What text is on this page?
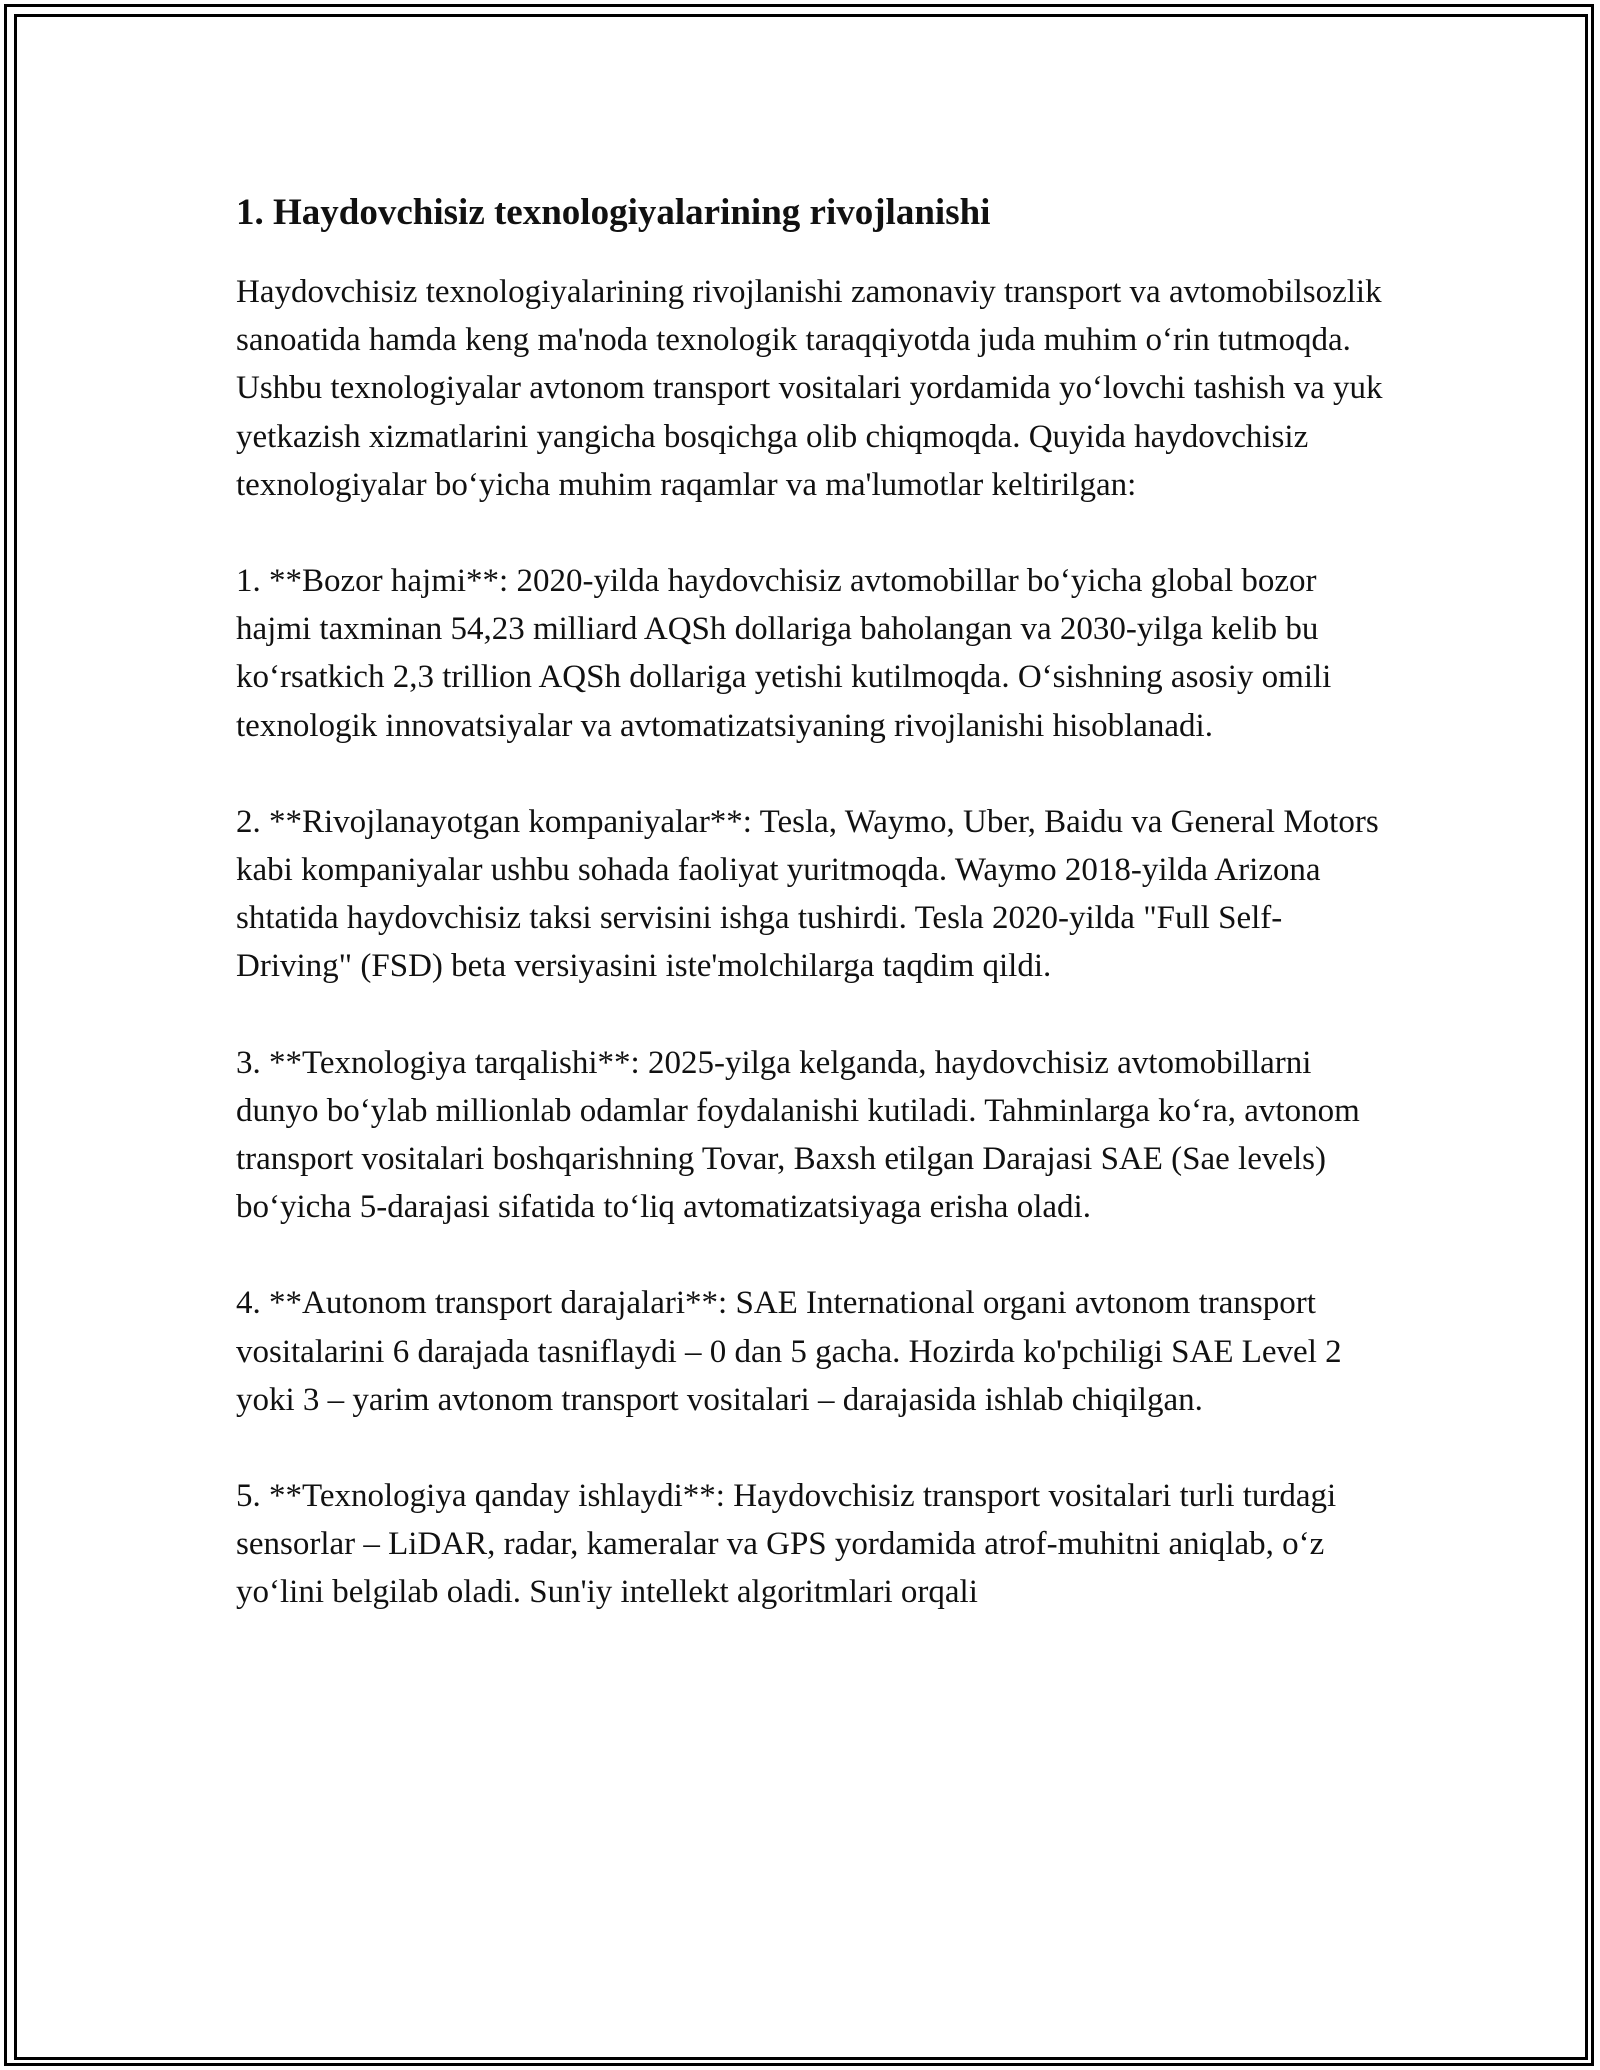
1. Haydovchisiz texnologiyalarining rivojlanishi

Haydovchisiz texnologiyalarining rivojlanishi zamonaviy transport va avtomobilsozlik sanoatida hamda keng ma'noda texnologik taraqqiyotda juda muhim o‘rin tutmoqda. Ushbu texnologiyalar avtonom transport vositalari yordamida yo‘lovchi tashish va yuk yetkazish xizmatlarini yangicha bosqichga olib chiqmoqda. Quyida haydovchisiz texnologiyalar bo‘yicha muhim raqamlar va ma'lumotlar keltirilgan:

1. **Bozor hajmi**: 2020-yilda haydovchisiz avtomobillar bo‘yicha global bozor hajmi taxminan 54,23 milliard AQSh dollariga baholangan va 2030-yilga kelib bu ko‘rsatkich 2,3 trillion AQSh dollariga yetishi kutilmoqda. O‘sishning asosiy omili texnologik innovatsiyalar va avtomatizatsiyaning rivojlanishi hisoblanadi.

2. **Rivojlanayotgan kompaniyalar**: Tesla, Waymo, Uber, Baidu va General Motors kabi kompaniyalar ushbu sohada faoliyat yuritmoqda. Waymo 2018-yilda Arizona shtatida haydovchisiz taksi servisini ishga tushirdi. Tesla 2020-yilda "Full Self-Driving" (FSD) beta versiyasini iste'molchilarga taqdim qildi.

3. **Texnologiya tarqalishi**: 2025-yilga kelganda, haydovchisiz avtomobillarni dunyo bo‘ylab millionlab odamlar foydalanishi kutiladi. Tahminlarga ko‘ra, avtonom transport vositalari boshqarishning Tovar, Baxsh etilgan Darajasi SAE (Sae levels) bo‘yicha 5-darajasi sifatida to‘liq avtomatizatsiyaga erisha oladi.

4. **Autonom transport darajalari**: SAE International organi avtonom transport vositalarini 6 darajada tasniflaydi – 0 dan 5 gacha. Hozirda ko'pchiligi SAE Level 2 yoki 3 – yarim avtonom transport vositalari – darajasida ishlab chiqilgan.

5. **Texnologiya qanday ishlaydi**: Haydovchisiz transport vositalari turli turdagi sensorlar – LiDAR, radar, kameralar va GPS yordamida atrof-muhitni aniqlab, o‘z yo‘lini belgilab oladi. Sun'iy intellekt algoritmlari orqali
